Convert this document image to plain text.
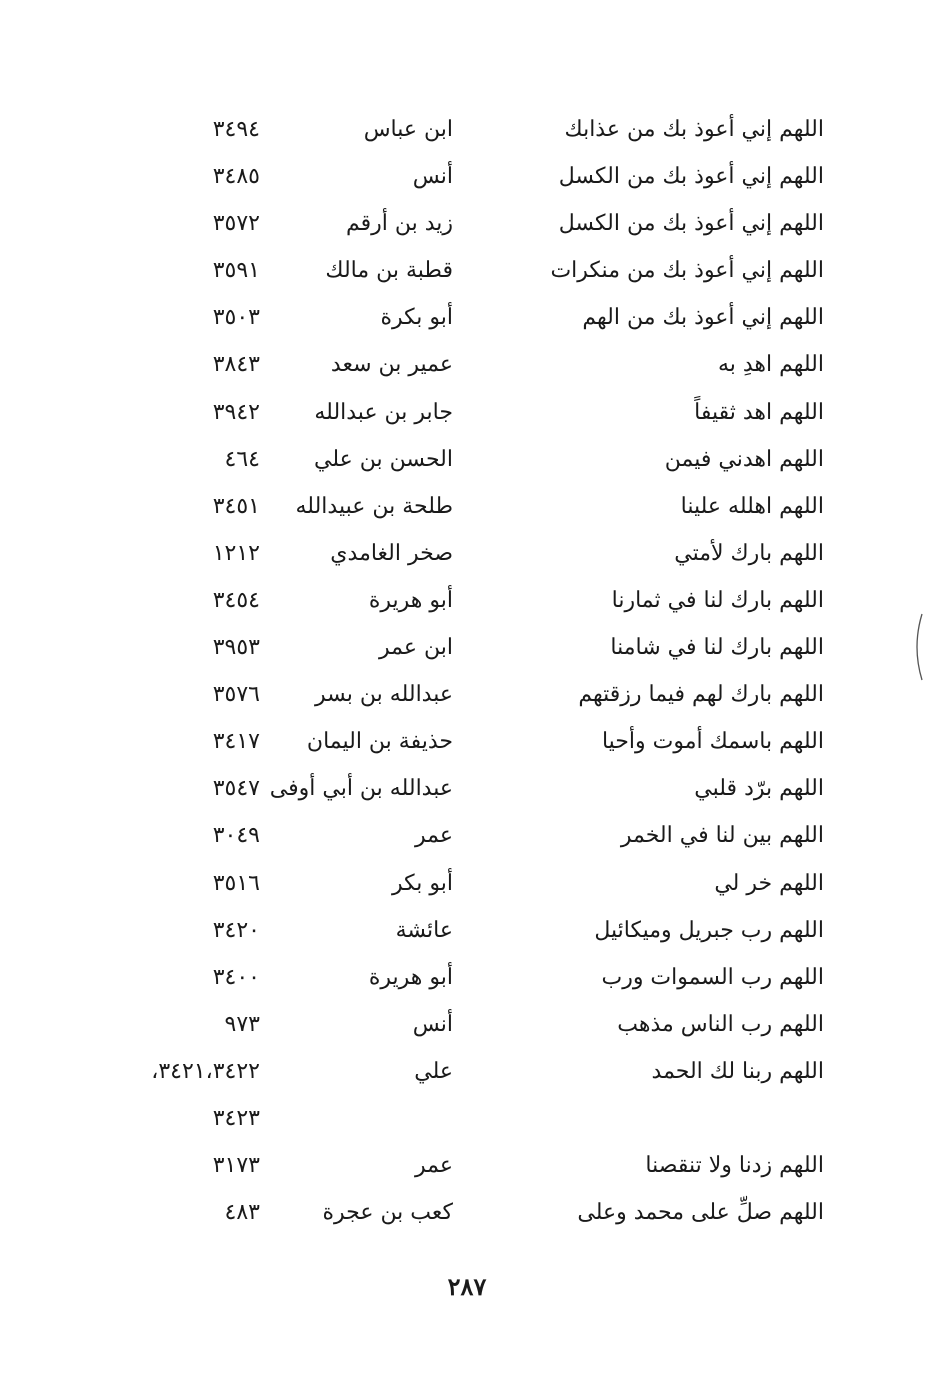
اللهم إني أعوذ بك من عذابك
ابن عباس
٣٤٩٤
اللهم إني أعوذ بك من الكسل
أنس
٣٤٨٥
اللهم إني أعوذ بك من الكسل
زيد بن أرقم
٣٥٧٢
اللهم إني أعوذ بك من منكرات
قطبة بن مالك
٣٥٩١
اللهم إني أعوذ بك من الهم
أبو بكرة
٣٥٠٣
اللهم اهدِ به
عمير بن سعد
٣٨٤٣
اللهم اهد ثقيفاً
جابر بن عبدالله
٣٩٤٢
اللهم اهدني فيمن
الحسن بن علي
٤٦٤
اللهم اهلله علينا
طلحة بن عبيدالله
٣٤٥١
اللهم بارك لأمتي
صخر الغامدي
١٢١٢
اللهم بارك لنا في ثمارنا
أبو هريرة
٣٤٥٤
اللهم بارك لنا في شامنا
ابن عمر
٣٩٥٣
اللهم بارك لهم فيما رزقتهم
عبدالله بن بسر
٣٥٧٦
اللهم باسمك أموت وأحيا
حذيفة بن اليمان
٣٤١٧
اللهم برّد قلبي
عبدالله بن أبي أوفى
٣٥٤٧
اللهم بين لنا في الخمر
عمر
٣٠٤٩
اللهم خر لي
أبو بكر
٣٥١٦
اللهم رب جبريل وميكائيل
عائشة
٣٤٢٠
اللهم رب السموات ورب
أبو هريرة
٣٤٠٠
اللهم رب الناس مذهب
أنس
٩٧٣
اللهم ربنا لك الحمد
علي
٣٤٢١،٣٤٢٢،
٣٤٢٣
اللهم زدنا ولا تنقصنا
عمر
٣١٧٣
اللهم صلِّ على محمد وعلى
كعب بن عجرة
٤٨٣
٢٨٧
